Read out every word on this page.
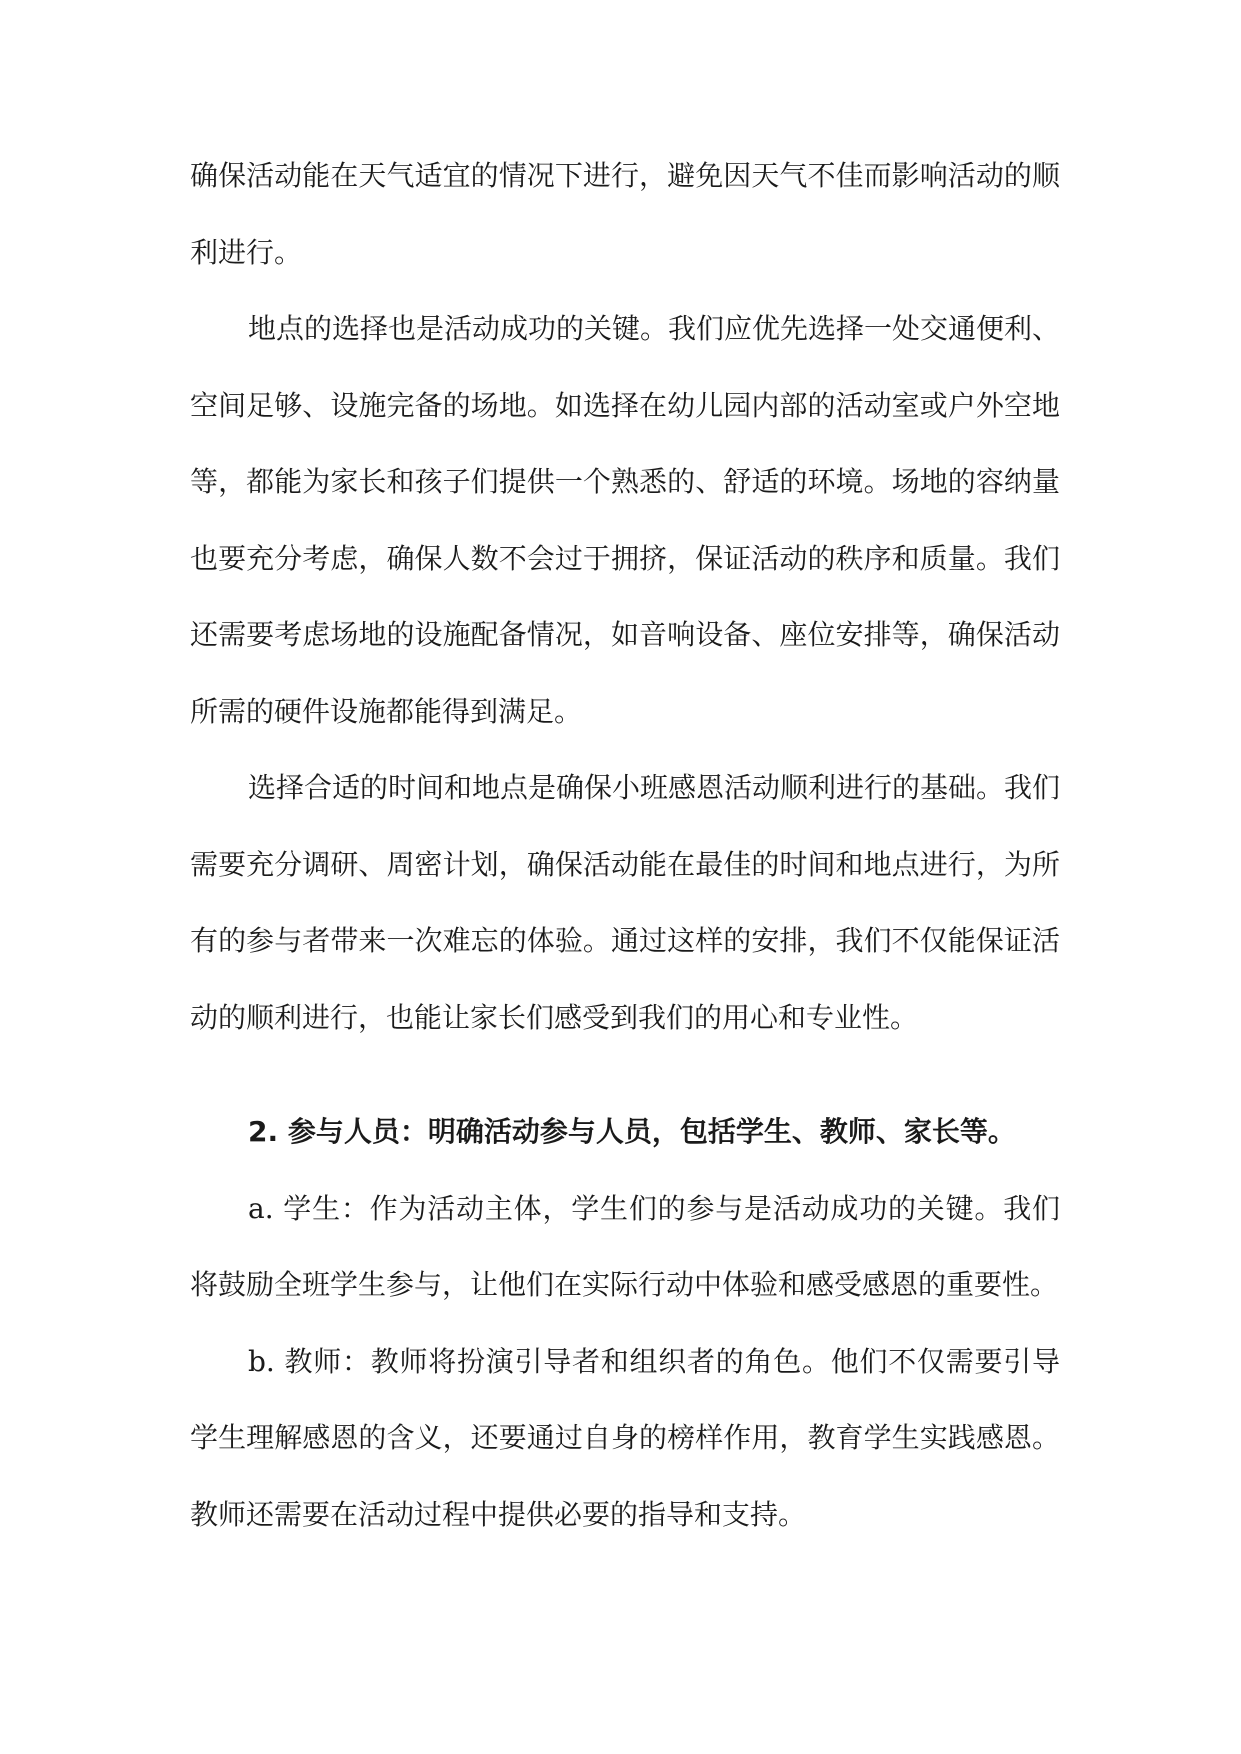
确保活动能在天气适宜的情况下进行，避免因天气不佳而影响活动的顺利进行。

地点的选择也是活动成功的关键。我们应优先选择一处交通便利、空间足够、设施完备的场地。如选择在幼儿园内部的活动室或户外空地等，都能为家长和孩子们提供一个熟悉的、舒适的环境。场地的容纳量也要充分考虑，确保人数不会过于拥挤，保证活动的秩序和质量。我们还需要考虑场地的设施配备情况，如音响设备、座位安排等，确保活动所需的硬件设施都能得到满足。

选择合适的时间和地点是确保小班感恩活动顺利进行的基础。我们需要充分调研、周密计划，确保活动能在最佳的时间和地点进行，为所有的参与者带来一次难忘的体验。通过这样的安排，我们不仅能保证活动的顺利进行，也能让家长们感受到我们的用心和专业性。

2. 参与人员：明确活动参与人员，包括学生、教师、家长等。

a. 学生：作为活动主体，学生们的参与是活动成功的关键。我们将鼓励全班学生参与，让他们在实际行动中体验和感受感恩的重要性。

b. 教师：教师将扮演引导者和组织者的角色。他们不仅需要引导学生理解感恩的含义，还要通过自身的榜样作用，教育学生实践感恩。教师还需要在活动过程中提供必要的指导和支持。
